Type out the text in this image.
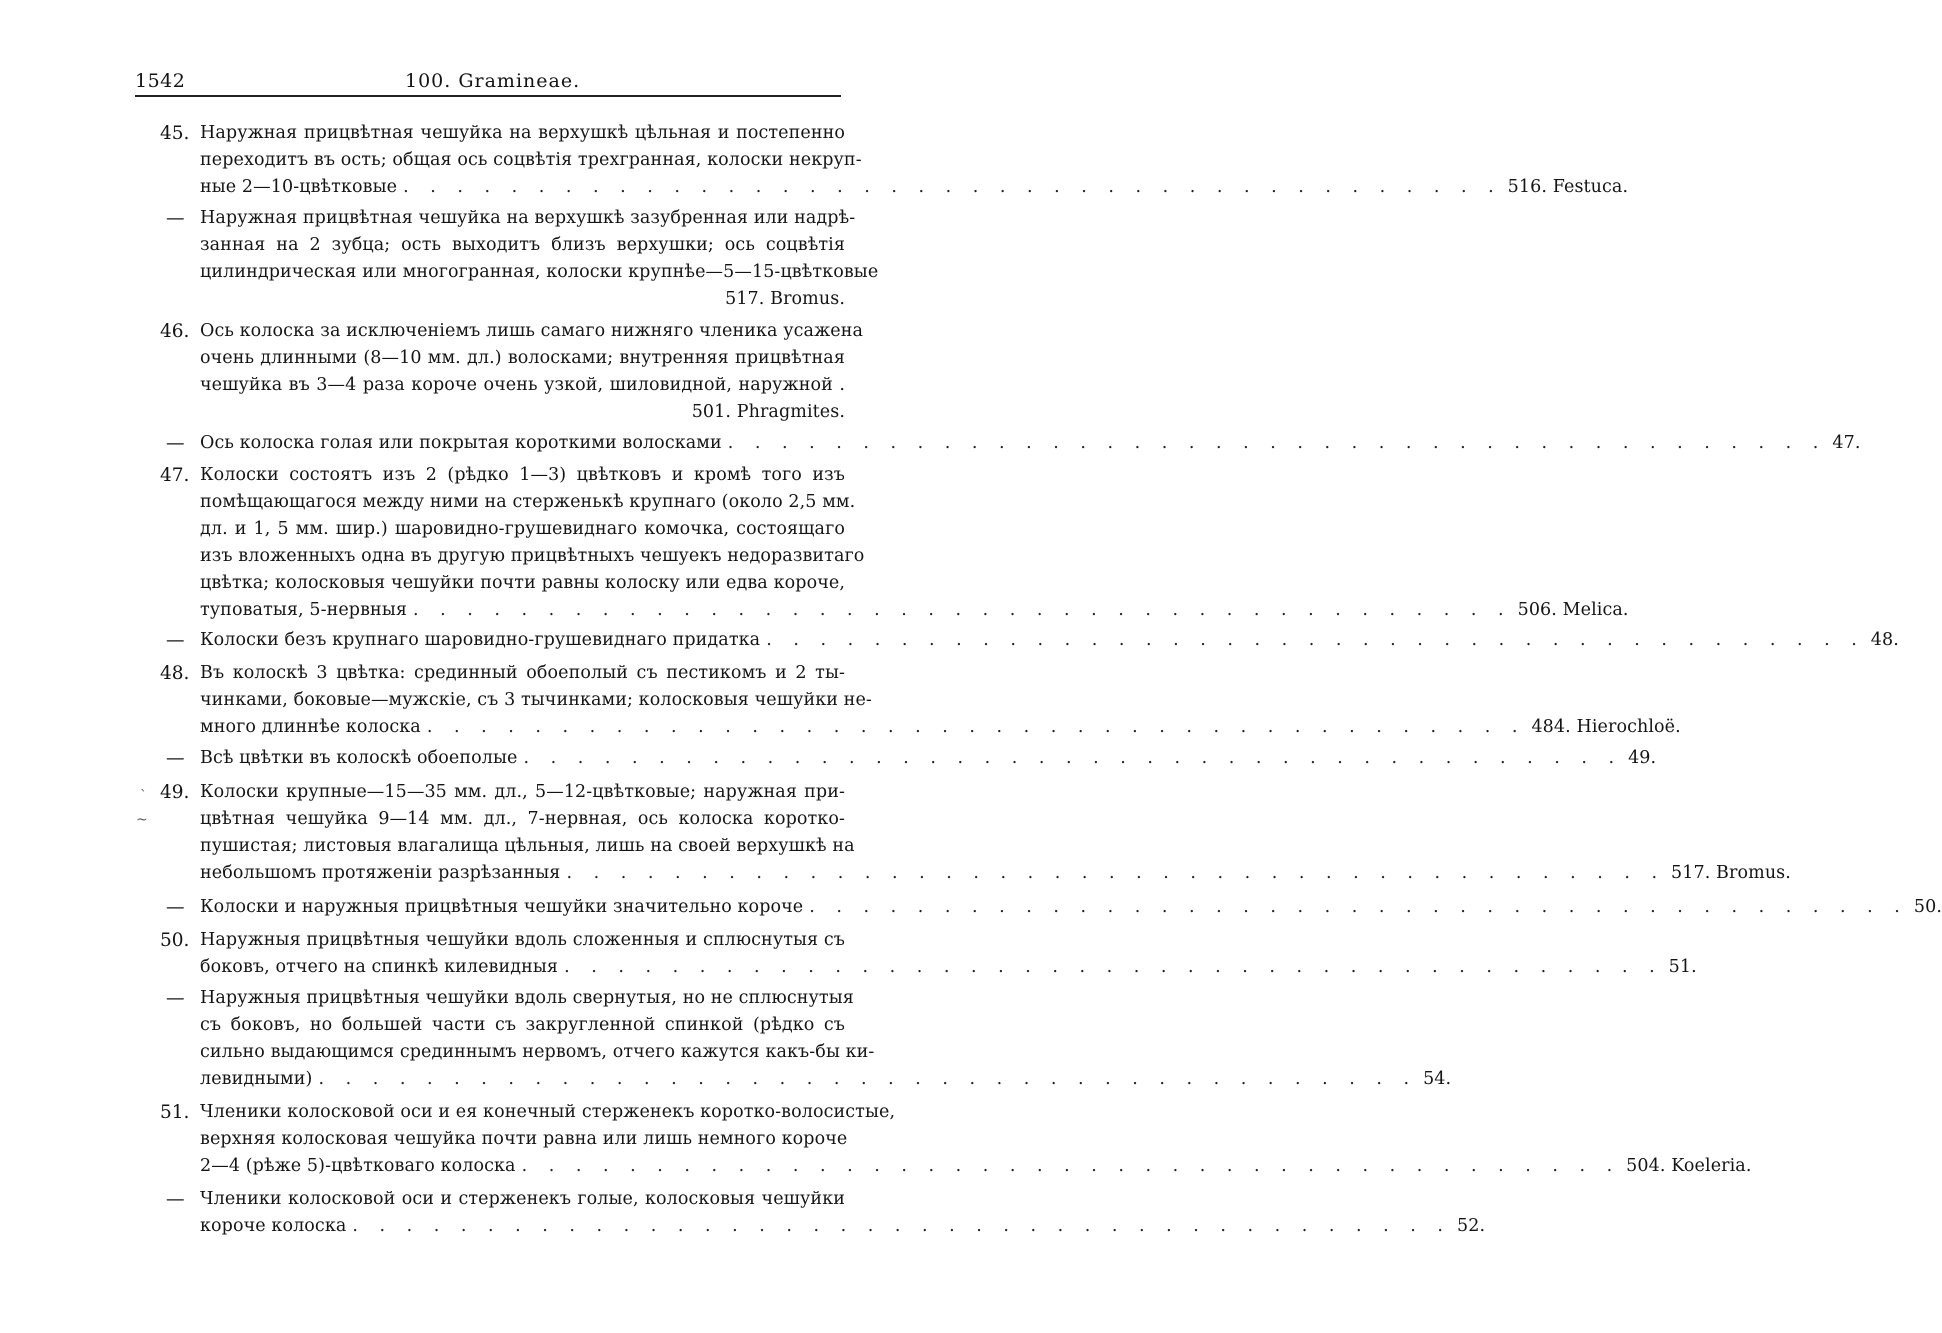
1542	100. Gramineae.
`
~
45. Наружная прицвѣтная чешуйка на верхушкѣ цѣльная и постепенно
переходитъ въ ость; общая ось соцвѣтія трехгранная, колоски некруп-
ные 2—10-цвѣтковые . . . . . . . . . . . . . . . . . . . . . . . . . . . . . . . . . . . . . . . . . 516. Festuca.
— Наружная прицвѣтная чешуйка на верхушкѣ зазубренная или надрѣ-
занная на 2 зубца; ость выходитъ близъ верхушки; ось соцвѣтія
цилиндрическая или многогранная, колоски крупнѣе—5—15-цвѣтковые
517. Bromus.
46. Ось колоска за исключеніемъ лишь самаго нижняго членика усажена
очень длинными (8—10 мм. дл.) волосками; внутренняя прицвѣтная
чешуйка въ 3—4 раза короче очень узкой, шиловидной, наружной .
501. Phragmites.
— Ось колоска голая или покрытая короткими волосками . . . . . . . . . . . . . . . . . . . . . . . . . . . . . . . . . . . . . . . . . 47.
47. Колоски состоятъ изъ 2 (рѣдко 1—3) цвѣтковъ и кромѣ того изъ
помѣщающагося между ними на стерженькѣ крупнаго (около 2,5 мм.
дл. и 1, 5 мм. шир.) шаровидно-грушевиднаго комочка, состоящаго
изъ вложенныхъ одна въ другую прицвѣтныхъ чешуекъ недоразвитаго
цвѣтка; колосковыя чешуйки почти равны колоску или едва короче,
туповатыя, 5-нервныя . . . . . . . . . . . . . . . . . . . . . . . . . . . . . . . . . . . . . . . . . 506. Melica.
— Колоски безъ крупнаго шаровидно-грушевиднаго придатка . . . . . . . . . . . . . . . . . . . . . . . . . . . . . . . . . . . . . . . . . 48.
48. Въ колоскѣ 3 цвѣтка: срединный обоеполый съ пестикомъ и 2 ты-
чинками, боковые—мужскіе, съ 3 тычинками; колосковыя чешуйки не-
много длиннѣе колоска . . . . . . . . . . . . . . . . . . . . . . . . . . . . . . . . . . . . . . . . . 484. Hierochloë.
— Всѣ цвѣтки въ колоскѣ обоеполые . . . . . . . . . . . . . . . . . . . . . . . . . . . . . . . . . . . . . . . . . 49.
49. Колоски крупные—15—35 мм. дл., 5—12-цвѣтковые; наружная при-
цвѣтная чешуйка 9—14 мм. дл., 7-нервная, ось колоска коротко-
пушистая; листовыя влагалища цѣльныя, лишь на своей верхушкѣ на
небольшомъ протяженіи разрѣзанныя . . . . . . . . . . . . . . . . . . . . . . . . . . . . . . . . . . . . . . . . . 517. Bromus.
— Колоски и наружныя прицвѣтныя чешуйки значительно короче . . . . . . . . . . . . . . . . . . . . . . . . . . . . . . . . . . . . . . . . . 50.
50. Наружныя прицвѣтныя чешуйки вдоль сложенныя и сплюснутыя съ
боковъ, отчего на спинкѣ килевидныя . . . . . . . . . . . . . . . . . . . . . . . . . . . . . . . . . . . . . . . . . 51.
— Наружныя прицвѣтныя чешуйки вдоль свернутыя, но не сплюснутыя
съ боковъ, но большей части съ закругленной спинкой (рѣдко съ
сильно выдающимся срединнымъ нервомъ, отчего кажутся какъ-бы ки-
левидными) . . . . . . . . . . . . . . . . . . . . . . . . . . . . . . . . . . . . . . . . . 54.
51. Членики колосковой оси и ея конечный стерженекъ коротко-волосистые,
верхняя колосковая чешуйка почти равна или лишь немного короче
2—4 (рѣже 5)-цвѣтковаго колоска . . . . . . . . . . . . . . . . . . . . . . . . . . . . . . . . . . . . . . . . . 504. Koeleria.
— Членики колосковой оси и стерженекъ голые, колосковыя чешуйки
короче колоска . . . . . . . . . . . . . . . . . . . . . . . . . . . . . . . . . . . . . . . . . 52.
